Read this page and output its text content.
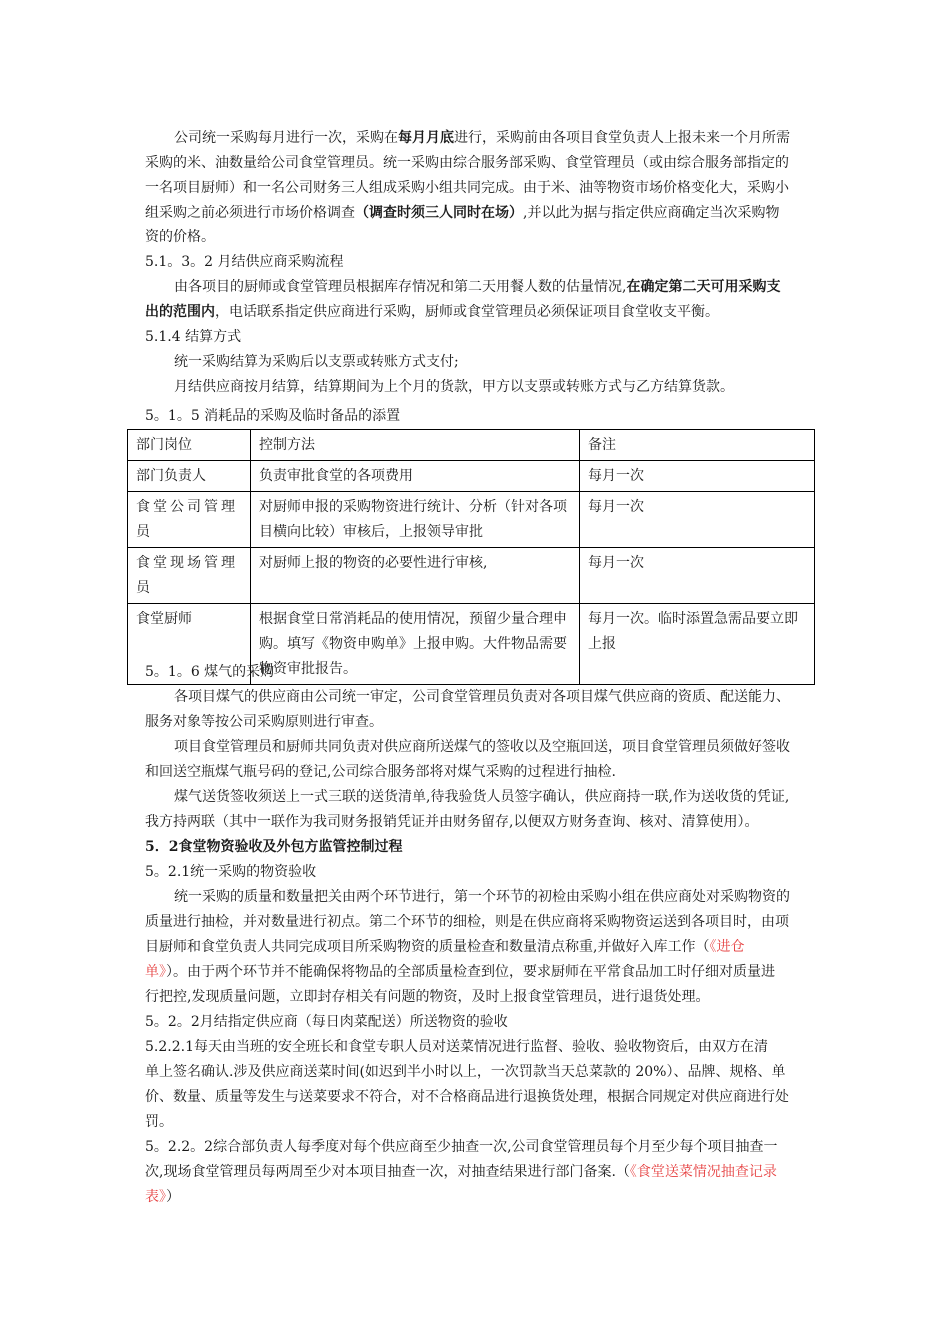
公司统一采购每月进行一次，采购在每月月底进行，采购前由各项目食堂负责人上报未来一个月所需
采购的米、油数量给公司食堂管理员。统一采购由综合服务部采购、食堂管理员（或由综合服务部指定的
一名项目厨师）和一名公司财务三人组成采购小组共同完成。由于米、油等物资市场价格变化大，采购小
组采购之前必须进行市场价格调查（调查时须三人同时在场）,并以此为据与指定供应商确定当次采购物
资的价格。
5.1。3。2 月结供应商采购流程
由各项目的厨师或食堂管理员根据库存情况和第二天用餐人数的估量情况,在确定第二天可用采购支
出的范围内，电话联系指定供应商进行采购，厨师或食堂管理员必须保证项目食堂收支平衡。
5.1.4 结算方式
统一采购结算为采购后以支票或转账方式支付;
月结供应商按月结算，结算期间为上个月的货款，甲方以支票或转账方式与乙方结算货款。
5。1。5 消耗品的采购及临时备品的添置
部门岗位	控制方法	备注
部门负责人	负责审批食堂的各项费用	每月一次
食堂公司管理
员	对厨师申报的采购物资进行统计、分析（针对各项
目横向比较）审核后，上报领导审批	每月一次
食堂现场管理
员	对厨师上报的物资的必要性进行审核,	每月一次
食堂厨师	根据食堂日常消耗品的使用情况，预留少量合理申
购。填写《物资申购单》上报申购。大件物品需要
物资审批报告。	每月一次。临时添置急需品要立即
上报
5。1。6 煤气的采购
各项目煤气的供应商由公司统一审定，公司食堂管理员负责对各项目煤气供应商的资质、配送能力、
服务对象等按公司采购原则进行审查。
项目食堂管理员和厨师共同负责对供应商所送煤气的签收以及空瓶回送，项目食堂管理员须做好签收
和回送空瓶煤气瓶号码的登记,公司综合服务部将对煤气采购的过程进行抽检.
煤气送货签收须送上一式三联的送货清单,待我验货人员签字确认，供应商持一联,作为送收货的凭证,
我方持两联（其中一联作为我司财务报销凭证并由财务留存,以便双方财务查询、核对、清算使用）。
5．2食堂物资验收及外包方监管控制过程
5。2.1统一采购的物资验收
统一采购的质量和数量把关由两个环节进行，第一个环节的初检由采购小组在供应商处对采购物资的
质量进行抽检，并对数量进行初点。第二个环节的细检，则是在供应商将采购物资运送到各项目时，由项
目厨师和食堂负责人共同完成项目所采购物资的质量检查和数量清点称重,并做好入库工作（《进仓
单》）。由于两个环节并不能确保将物品的全部质量检查到位，要求厨师在平常食品加工时仔细对质量进
行把控,发现质量问题，立即封存相关有问题的物资，及时上报食堂管理员，进行退货处理。
5。2。2月结指定供应商（每日肉菜配送）所送物资的验收
5.2.2.1每天由当班的安全班长和食堂专职人员对送菜情况进行监督、验收、验收物资后，由双方在清
单上签名确认.涉及供应商送菜时间(如迟到半小时以上，一次罚款当天总菜款的 20%）、品牌、规格、单
价、数量、质量等发生与送菜要求不符合，对不合格商品进行退换货处理，根据合同规定对供应商进行处
罚。
5。2.2。2综合部负责人每季度对每个供应商至少抽查一次,公司食堂管理员每个月至少每个项目抽查一
次,现场食堂管理员每两周至少对本项目抽查一次，对抽查结果进行部门备案.（《食堂送菜情况抽查记录
表》）
